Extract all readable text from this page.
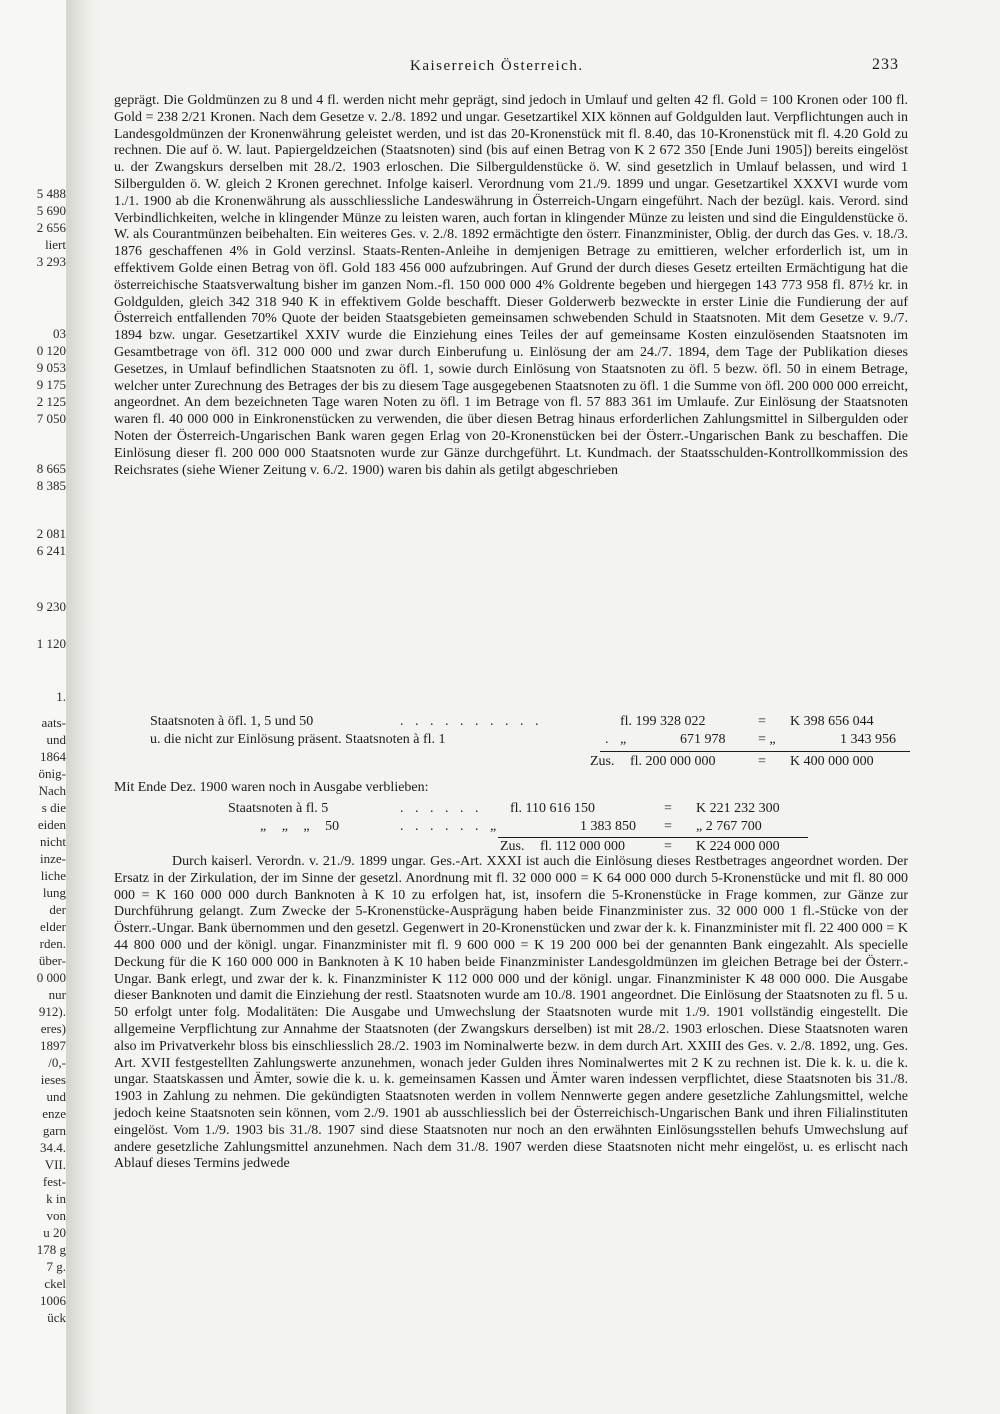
5 488
5 690
2 656
liert
3 293
03
0 120
9 053
9 175
2 125
7 050
8 665
8 385
2 081
6 241
9 230
1 120
1.
aats-
und
1864
önig-
Nach
s die
eiden
nicht
inze-
liche
lung
der
elder
rden.
über-
0 000
nur
912).
eres)
1897
/0,-
ieses
und
enze
garn
34.4.
VII.
fest-
k in
von
u 20
178 g
7 g.
ckel
1006
ück
Kaiserreich Österreich.	233

geprägt. Die Goldmünzen zu 8 und 4 fl. werden nicht mehr geprägt, sind jedoch in Umlauf und gelten 42 fl. Gold = 100 Kronen oder 100 fl. Gold = 238 2/21 Kronen. Nach dem Gesetze v. 2./8. 1892 und ungar. Gesetzartikel XIX können auf Goldgulden laut. Verpflichtungen auch in Landesgoldmünzen der Kronenwährung geleistet werden, und ist das 20-Kronenstück mit fl. 8.40, das 10-Kronenstück mit fl. 4.20 Gold zu rechnen. Die auf ö. W. laut. Papiergeldzeichen (Staatsnoten) sind (bis auf einen Betrag von K 2 672 350 [Ende Juni 1905]) bereits eingelöst u. der Zwangskurs derselben mit 28./2. 1903 erloschen. Die Silberguldenstücke ö. W. sind gesetzlich in Umlauf belassen, und wird 1 Silbergulden ö. W. gleich 2 Kronen gerechnet. Infolge kaiserl. Verordnung vom 21./9. 1899 und ungar. Gesetzartikel XXXVI wurde vom 1./1. 1900 ab die Kronenwährung als ausschliessliche Landeswährung in Österreich-Ungarn eingeführt. Nach der bezügl. kais. Verord. sind Verbindlichkeiten, welche in klingender Münze zu leisten waren, auch fortan in klingender Münze zu leisten und sind die Einguldenstücke ö. W. als Courantmünzen beibehalten. Ein weiteres Ges. v. 2./8. 1892 ermächtigte den österr. Finanzminister, Oblig. der durch das Ges. v. 18./3. 1876 geschaffenen 4% in Gold verzinsl. Staats-Renten-Anleihe in demjenigen Betrage zu emittieren, welcher erforderlich ist, um in effektivem Golde einen Betrag von öfl. Gold 183 456 000 aufzubringen. Auf Grund der durch dieses Gesetz erteilten Ermächtigung hat die österreichische Staatsverwaltung bisher im ganzen Nom.-fl. 150 000 000 4% Goldrente begeben und hiergegen 143 773 958 fl. 87½ kr. in Goldgulden, gleich 342 318 940 K in effektivem Golde beschafft. Dieser Golderwerb bezweckte in erster Linie die Fundierung der auf Österreich entfallenden 70% Quote der beiden Staatsgebieten gemeinsamen schwebenden Schuld in Staatsnoten. Mit dem Gesetze v. 9./7. 1894 bzw. ungar. Gesetzartikel XXIV wurde die Einziehung eines Teiles der auf gemeinsame Kosten einzulösenden Staatsnoten im Gesamtbetrage von öfl. 312 000 000 und zwar durch Einberufung u. Einlösung der am 24./7. 1894, dem Tage der Publikation dieses Gesetzes, in Umlauf befindlichen Staatsnoten zu öfl. 1, sowie durch Einlösung von Staatsnoten zu öfl. 5 bezw. öfl. 50 in einem Betrage, welcher unter Zurechnung des Betrages der bis zu diesem Tage ausgegebenen Staatsnoten zu öfl. 1 die Summe von öfl. 200 000 000 erreicht, angeordnet. An dem bezeichneten Tage waren Noten zu öfl. 1 im Betrage von fl. 57 883 361 im Umlaufe. Zur Einlösung der Staatsnoten waren fl. 40 000 000 in Einkronenstücken zu verwenden, die über diesen Betrag hinaus erforderlichen Zahlungsmittel in Silbergulden oder Noten der Österreich-Ungarischen Bank waren gegen Erlag von 20-Kronenstücken bei der Österr.-Ungarischen Bank zu beschaffen. Die Einlösung dieser fl. 200 000 000 Staatsnoten wurde zur Gänze durchgeführt. Lt. Kundmach. der Staatsschulden-Kontrollkommission des Reichsrates (siehe Wiener Zeitung v. 6./2. 1900) waren bis dahin als getilgt abgeschrieben

Staatsnoten à öfl. 1, 5 und 50	. . . . . . . . . .	fl. 199 328 022	= K 398 656 044
u. die nicht zur Einlösung präsent. Staatsnoten à fl. 1	. „	671 978 = „	1 343 956
Zus. fl. 200 000 000	= K 400 000 000

Mit Ende Dez. 1900 waren noch in Ausgabe verblieben:

Staatsnoten à fl. 5	. . . . . . fl. 110 616 150	= K 221 232 300
„ „ „ 50	. . . . . . „	1 383 850 = „ 2 767 700
Zus. fl. 112 000 000	= K 224 000 000

Durch kaiserl. Verordn. v. 21./9. 1899 ungar. Ges.-Art. XXXI ist auch die Einlösung dieses Restbetrages angeordnet worden. Der Ersatz in der Zirkulation, der im Sinne der gesetzl. Anordnung mit fl. 32 000 000 = K 64 000 000 durch 5-Kronenstücke und mit fl. 80 000 000 = K 160 000 000 durch Banknoten à K 10 zu erfolgen hat, ist, insofern die 5-Kronenstücke in Frage kommen, zur Gänze zur Durchführung gelangt. Zum Zwecke der 5-Kronenstücke-Ausprägung haben beide Finanzminister zus. 32 000 000 1 fl.-Stücke von der Österr.-Ungar. Bank übernommen und den gesetzl. Gegenwert in 20-Kronenstücken und zwar der k. k. Finanzminister mit fl. 22 400 000 = K 44 800 000 und der königl. ungar. Finanzminister mit fl. 9 600 000 = K 19 200 000 bei der genannten Bank eingezahlt. Als specielle Deckung für die K 160 000 000 in Banknoten à K 10 haben beide Finanzminister Landesgoldmünzen im gleichen Betrage bei der Österr.-Ungar. Bank erlegt, und zwar der k. k. Finanzminister K 112 000 000 und der königl. ungar. Finanzminister K 48 000 000. Die Ausgabe dieser Banknoten und damit die Einziehung der restl. Staatsnoten wurde am 10./8. 1901 angeordnet. Die Einlösung der Staatsnoten zu fl. 5 u. 50 erfolgt unter folg. Modalitäten: Die Ausgabe und Umwechslung der Staatsnoten wurde mit 1./9. 1901 vollständig eingestellt. Die allgemeine Verpflichtung zur Annahme der Staatsnoten (der Zwangskurs derselben) ist mit 28./2. 1903 erloschen. Diese Staatsnoten waren also im Privatverkehr bloss bis einschliesslich 28./2. 1903 im Nominalwerte bezw. in dem durch Art. XXIII des Ges. v. 2./8. 1892, ung. Ges. Art. XVII festgestellten Zahlungswerte anzunehmen, wonach jeder Gulden ihres Nominalwertes mit 2 K zu rechnen ist. Die k. k. u. die k. ungar. Staatskassen und Ämter, sowie die k. u. k. gemeinsamen Kassen und Ämter waren indessen verpflichtet, diese Staatsnoten bis 31./8. 1903 in Zahlung zu nehmen. Die gekündigten Staatsnoten werden in vollem Nennwerte gegen andere gesetzliche Zahlungsmittel, welche jedoch keine Staatsnoten sein können, vom 2./9. 1901 ab ausschliesslich bei der Österreichisch-Ungarischen Bank und ihren Filialinstituten eingelöst. Vom 1./9. 1903 bis 31./8. 1907 sind diese Staatsnoten nur noch an den erwähnten Einlösungsstellen behufs Umwechslung auf andere gesetzliche Zahlungsmittel anzunehmen. Nach dem 31./8. 1907 werden diese Staatsnoten nicht mehr eingelöst, u. es erlischt nach Ablauf dieses Termins jedwede
